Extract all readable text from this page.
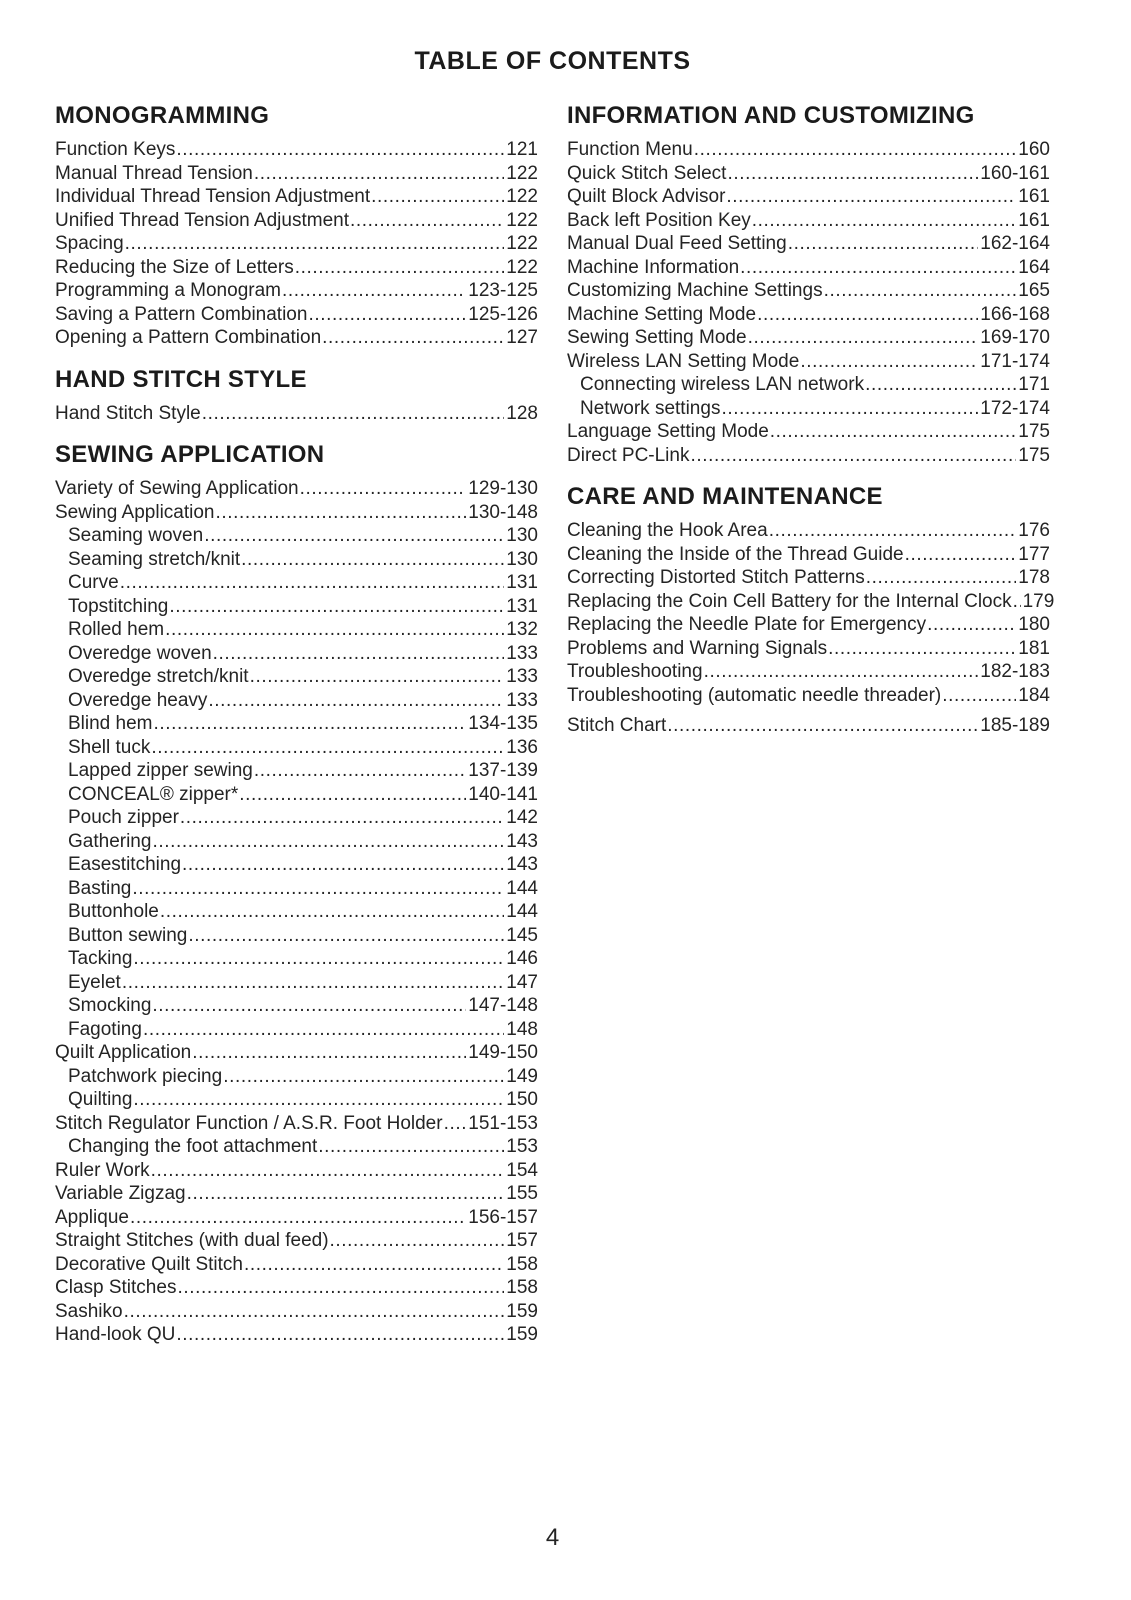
TABLE OF CONTENTS
MONOGRAMMING
Function Keys .....	121
Manual Thread Tension .....	122
Individual Thread Tension Adjustment .....	122
Unified Thread Tension Adjustment .....	122
Spacing .....	122
Reducing the Size of Letters .....	122
Programming a Monogram .....	123-125
Saving a Pattern Combination .....	125-126
Opening a Pattern Combination .....	127
HAND STITCH STYLE
Hand Stitch Style .....	128
SEWING APPLICATION
Variety of Sewing Application .....	129-130
Sewing Application .....	130-148
Seaming woven .....	130
Seaming stretch/knit .....	130
Curve .....	131
Topstitching .....	131
Rolled hem .....	132
Overedge woven .....	133
Overedge stretch/knit .....	133
Overedge heavy .....	133
Blind hem .....	134-135
Shell tuck .....	136
Lapped zipper sewing .....	137-139
CONCEAL® zipper* .....	140-141
Pouch zipper .....	142
Gathering .....	143
Easestitching .....	143
Basting .....	144
Buttonhole .....	144
Button sewing .....	145
Tacking .....	146
Eyelet .....	147
Smocking .....	147-148
Fagoting .....	148
Quilt Application .....	149-150
Patchwork piecing .....	149
Quilting .....	150
Stitch Regulator Function / A.S.R. Foot Holder ..... 151-153
Changing the foot attachment .....	153
Ruler Work .....	154
Variable Zigzag .....	155
Applique .....	156-157
Straight Stitches (with dual feed) .....	157
Decorative Quilt Stitch .....	158
Clasp Stitches .....	158
Sashiko .....	159
Hand-look QU .....	159
INFORMATION AND CUSTOMIZING
Function Menu .....	160
Quick Stitch Select .....	160-161
Quilt Block Advisor .....	161
Back left Position Key .....	161
Manual Dual Feed Setting .....	162-164
Machine Information .....	164
Customizing Machine Settings .....	165
Machine Setting Mode .....	166-168
Sewing Setting Mode .....	169-170
Wireless LAN Setting Mode .....	171-174
Connecting wireless LAN network .....	171
Network settings .....	172-174
Language Setting Mode .....	175
Direct PC-Link .....	175
CARE AND MAINTENANCE
Cleaning the Hook Area .....	176
Cleaning the Inside of the Thread Guide .....	177
Correcting Distorted Stitch Patterns .....	178
Replacing the Coin Cell Battery for the Internal Clock ..... 179
Replacing the Needle Plate for Emergency .....	180
Problems and Warning Signals .....	181
Troubleshooting .....	182-183
Troubleshooting (automatic needle threader) .....	184
Stitch Chart .....	185-189
4
